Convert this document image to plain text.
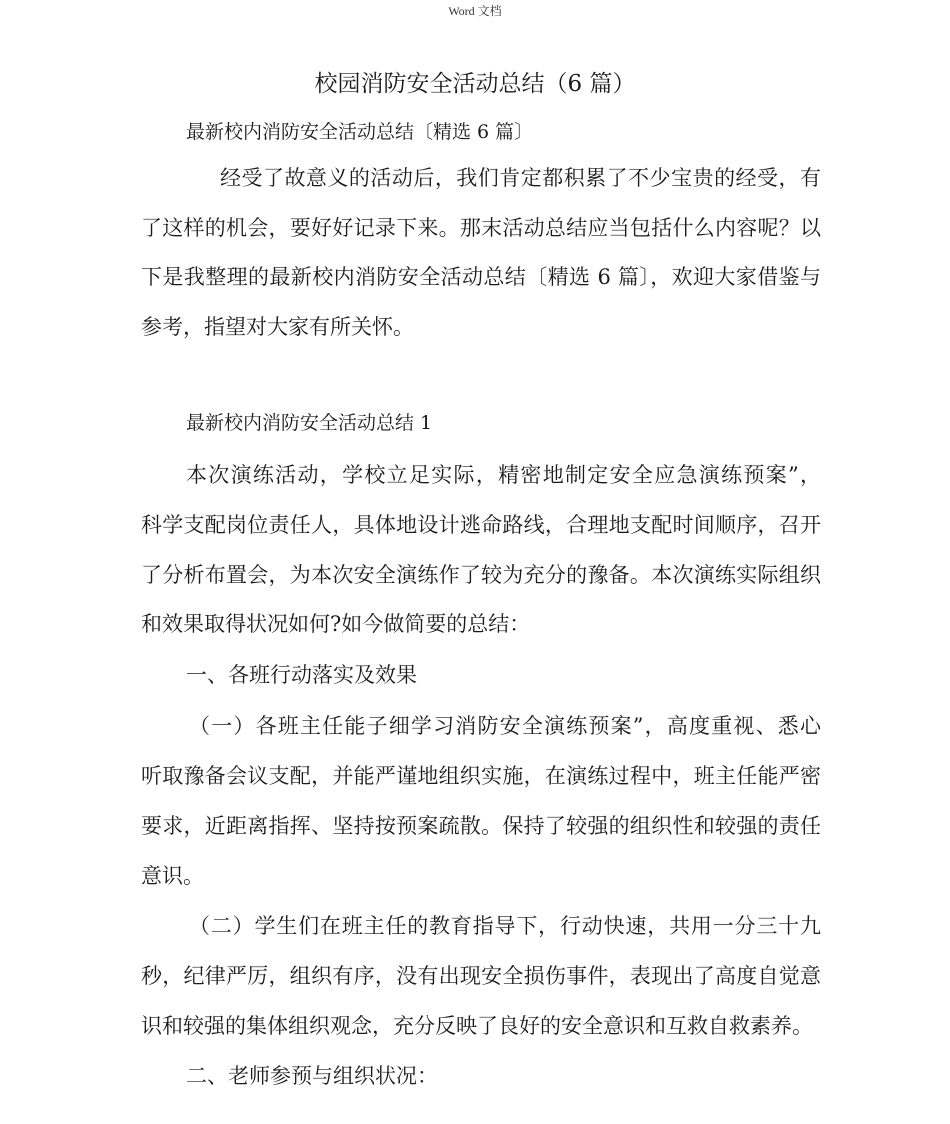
Word 文档
校园消防安全活动总结（6 篇）
最新校内消防安全活动总结〔精选 6 篇〕
经受了故意义的活动后，我们肯定都积累了不少宝贵的经受，有
了这样的机会，要好好记录下来。那末活动总结应当包括什么内容呢？以
下是我整理的最新校内消防安全活动总结〔精选 6 篇〕，欢迎大家借鉴与
参考，指望对大家有所关怀。
最新校内消防安全活动总结 1
本次演练活动，学校立足实际，精密地制定安全应急演练预案”，
科学支配岗位责任人，具体地设计逃命路线，合理地支配时间顺序，召开
了分析布置会，为本次安全演练作了较为充分的豫备。本次演练实际组织
和效果取得状况如何?如今做简要的总结：
一、各班行动落实及效果
（一）各班主任能子细学习消防安全演练预案”，高度重视、悉心
听取豫备会议支配，并能严谨地组织实施，在演练过程中，班主任能严密
要求，近距离指挥、坚持按预案疏散。保持了较强的组织性和较强的责任
意识。
（二）学生们在班主任的教育指导下，行动快速，共用一分三十九
秒，纪律严厉，组织有序，没有出现安全损伤事件，表现出了高度自觉意
识和较强的集体组织观念，充分反映了良好的安全意识和互救自救素养。
二、老师参预与组织状况：
